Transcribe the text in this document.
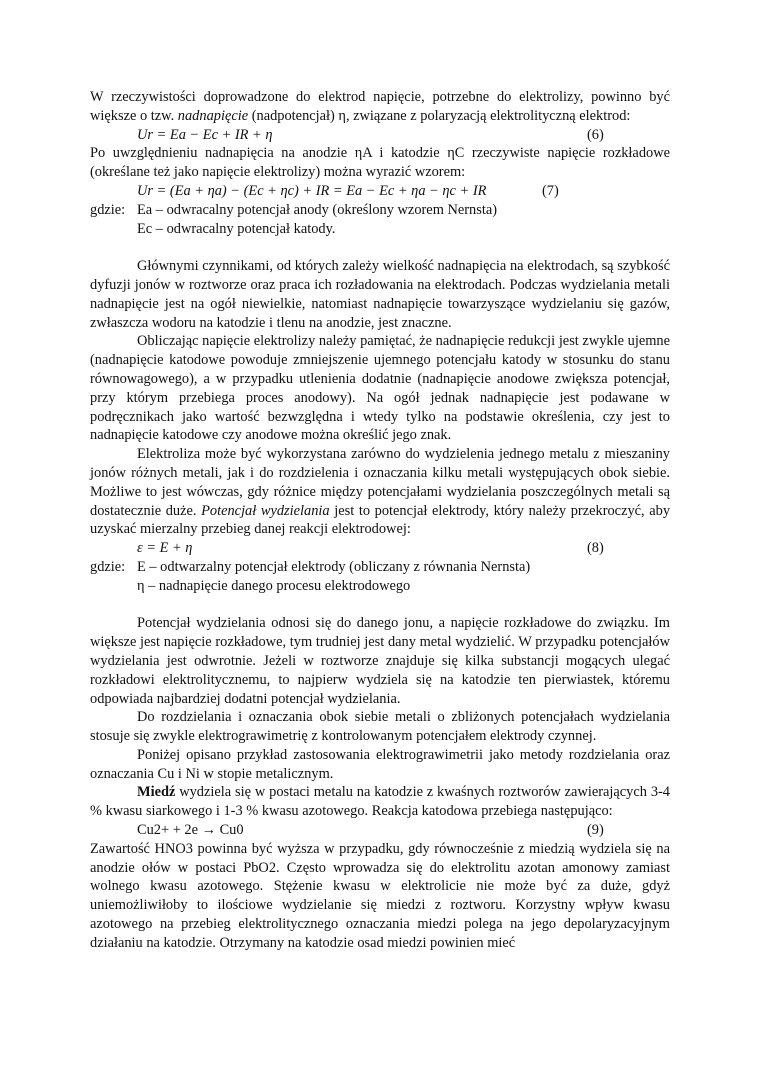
W rzeczywistości doprowadzone do elektrod napięcie, potrzebne do elektrolizy, powinno być większe o tzw. nadnapięcie (nadpotencjał) η, związane z polaryzacją elektrolityczną elektrod:

Ur = Ea − Ec + IR + η	(6)

Po uwzględnieniu nadnapięcia na anodzie ηA i katodzie ηC rzeczywiste napięcie rozkładowe (określane też jako napięcie elektrolizy) można wyrazić wzorem:

Ur = (Ea + ηa) − (Ec + ηc) + IR = Ea − Ec + ηa − ηc + IR	(7)
gdzie: Ea – odwracalny potencjał anody (określony wzorem Nernsta)
Ec – odwracalny potencjał katody.

Głównymi czynnikami, od których zależy wielkość nadnapięcia na elektrodach, są szybkość dyfuzji jonów w roztworze oraz praca ich rozładowania na elektrodach. Podczas wydzielania metali nadnapięcie jest na ogół niewielkie, natomiast nadnapięcie towarzyszące wydzielaniu się gazów, zwłaszcza wodoru na katodzie i tlenu na anodzie, jest znaczne.

Obliczając napięcie elektrolizy należy pamiętać, że nadnapięcie redukcji jest zwykle ujemne (nadnapięcie katodowe powoduje zmniejszenie ujemnego potencjału katody w stosunku do stanu równowagowego), a w przypadku utlenienia dodatnie (nadnapięcie anodowe zwiększa potencjał, przy którym przebiega proces anodowy). Na ogół jednak nadnapięcie jest podawane w podręcznikach jako wartość bezwzględna i wtedy tylko na podstawie określenia, czy jest to nadnapięcie katodowe czy anodowe można określić jego znak.

Elektroliza może być wykorzystana zarówno do wydzielenia jednego metalu z mieszaniny jonów różnych metali, jak i do rozdzielenia i oznaczania kilku metali występujących obok siebie. Możliwe to jest wówczas, gdy różnice między potencjałami wydzielania poszczególnych metali są dostatecznie duże. Potencjał wydzielania jest to potencjał elektrody, który należy przekroczyć, aby uzyskać mierzalny przebieg danej reakcji elektrodowej:

ε = E + η	(8)
gdzie: E – odtwarzalny potencjał elektrody (obliczany z równania Nernsta)
η – nadnapięcie danego procesu elektrodowego

Potencjał wydzielania odnosi się do danego jonu, a napięcie rozkładowe do związku. Im większe jest napięcie rozkładowe, tym trudniej jest dany metal wydzielić. W przypadku potencjałów wydzielania jest odwrotnie. Jeżeli w roztworze znajduje się kilka substancji mogących ulegać rozkładowi elektrolitycznemu, to najpierw wydziela się na katodzie ten pierwiastek, któremu odpowiada najbardziej dodatni potencjał wydzielania.

Do rozdzielania i oznaczania obok siebie metali o zbliżonych potencjałach wydzielania stosuje się zwykle elektrograwimetrię z kontrolowanym potencjałem elektrody czynnej.

Poniżej opisano przykład zastosowania elektrograwimetrii jako metody rozdzielania oraz oznaczania Cu i Ni w stopie metalicznym.

Miedź wydziela się w postaci metalu na katodzie z kwaśnych roztworów zawierających 3-4 % kwasu siarkowego i 1-3 % kwasu azotowego. Reakcja katodowa przebiega następująco:

Cu2+ + 2e → Cu0	(9)

Zawartość HNO3 powinna być wyższa w przypadku, gdy równocześnie z miedzią wydziela się na anodzie ołów w postaci PbO2. Często wprowadza się do elektrolitu azotan amonowy zamiast wolnego kwasu azotowego. Stężenie kwasu w elektrolicie nie może być za duże, gdyż uniemożliwiłoby to ilościowe wydzielanie się miedzi z roztworu. Korzystny wpływ kwasu azotowego na przebieg elektrolitycznego oznaczania miedzi polega na jego depolaryzacyjnym działaniu na katodzie. Otrzymany na katodzie osad miedzi powinien mieć
